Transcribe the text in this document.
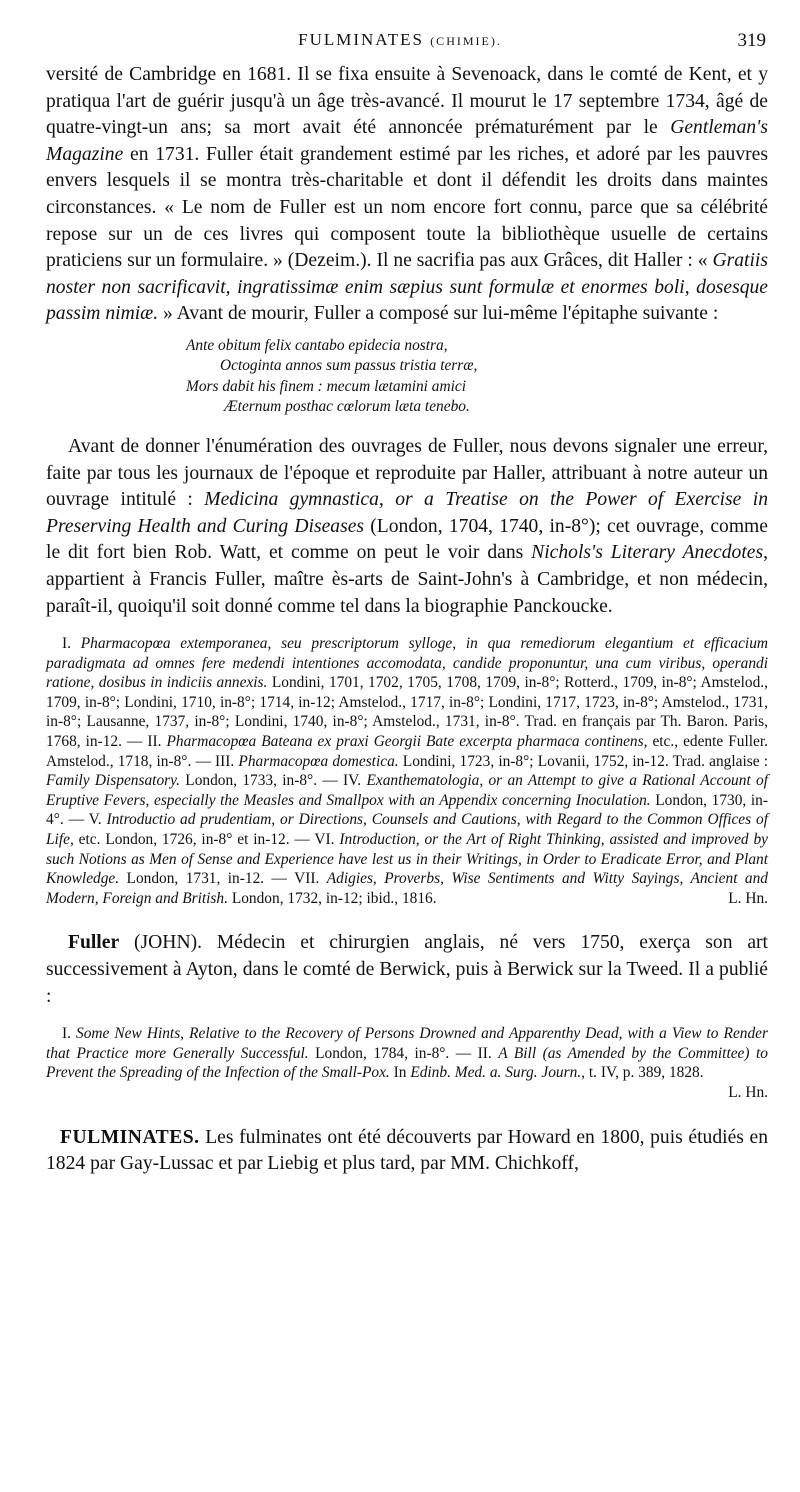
FULMINATES (CHIMIE).	319

versité de Cambridge en 1681. Il se fixa ensuite à Sevenoack, dans le comté de Kent, et y pratiqua l'art de guérir jusqu'à un âge très-avancé. Il mourut le 17 septembre 1734, âgé de quatre-vingt-un ans; sa mort avait été annoncée prématurément par le Gentleman's Magazine en 1731. Fuller était grandement estimé par les riches, et adoré par les pauvres envers lesquels il se montra très-charitable et dont il défendit les droits dans maintes circonstances. « Le nom de Fuller est un nom encore fort connu, parce que sa célébrité repose sur un de ces livres qui composent toute la bibliothèque usuelle de certains praticiens sur un formulaire. » (Dezeim.). Il ne sacrifia pas aux Grâces, dit Haller : « Gratiis noster non sacrificavit, ingratissimæ enim sæpius sunt formulæ et enormes boli, dosesque passim nimiæ. » Avant de mourir, Fuller a composé sur lui-même l'épitaphe suivante :

Ante obitum felix cantabo epidecia nostra,
Octoginta annos sum passus tristia terræ,
Mors dabit his finem : mecum lætamini amici
Æternum posthac cœlorum læta tenebo.

Avant de donner l'énumération des ouvrages de Fuller, nous devons signaler une erreur, faite par tous les journaux de l'époque et reproduite par Haller, attribuant à notre auteur un ouvrage intitulé : Medicina gymnastica, or a Treatise on the Power of Exercise in Preserving Health and Curing Diseases (London, 1704, 1740, in-8°); cet ouvrage, comme le dit fort bien Rob. Watt, et comme on peut le voir dans Nichols's Literary Anecdotes, appartient à Francis Fuller, maître ès-arts de Saint-John's à Cambridge, et non médecin, paraît-il, quoiqu'il soit donné comme tel dans la biographie Panckoucke.

I. Pharmacopœa extemporanea, seu prescriptorum sylloge, in qua remediorum elegantium et efficacium paradigmata ad omnes fere medendi intentiones accomodata, candide proponuntur, una cum viribus, operandi ratione, dosibus in indiciis annexis. Londini, 1701, 1702, 1705, 1708, 1709, in-8°; Rotterd., 1709, in-8°; Amstelod., 1709, in-8°; Londini, 1710, in-8°; 1714, in-12; Amstelod., 1717, in-8°; Londini, 1717, 1723, in-8°; Amstelod., 1731, in-8°; Lausanne, 1737, in-8°; Londini, 1740, in-8°; Amstelod., 1731, in-8°. Trad. en français par Th. Baron. Paris, 1768, in-12. — II. Pharmacopœa Bateana ex praxi Georgii Bate excerpta pharmaca continens, etc., edente Fuller. Amstelod., 1718, in-8°. — III. Pharmacopœa domestica. Londini, 1723, in-8°; Lovanii, 1752, in-12. Trad. anglaise : Family Dispensatory. London, 1733, in-8°. — IV. Exanthematologia, or an Attempt to give a Rational Account of Eruptive Fevers, especially the Measles and Smallpox with an Appendix concerning Inoculation. London, 1730, in-4°. — V. Introductio ad prudentiam, or Directions, Counsels and Cautions, with Regard to the Common Offices of Life, etc. London, 1726, in-8° et in-12. — VI. Introduction, or the Art of Right Thinking, assisted and improved by such Notions as Men of Sense and Experience have lest us in their Writings, in Order to Eradicate Error, and Plant Knowledge. London, 1731, in-12. — VII. Adigies, Proverbs, Wise Sentiments and Witty Sayings, Ancient and Modern, Foreign and British. London, 1732, in-12; ibid., 1816.	L. Hn.

Fuller (JOHN). Médecin et chirurgien anglais, né vers 1750, exerça son art successivement à Ayton, dans le comté de Berwick, puis à Berwick sur la Tweed. Il a publié :

I. Some New Hints, Relative to the Recovery of Persons Drowned and Apparenthy Dead, with a View to Render that Practice more Generally Successful. London, 1784, in-8°. — II. A Bill (as Amended by the Committee) to Prevent the Spreading of the Infection of the Small-Pox. In Edinb. Med. a. Surg. Journ., t. IV, p. 389, 1828.
L. Hn.

FULMINATES. Les fulminates ont été découverts par Howard en 1800, puis étudiés en 1824 par Gay-Lussac et par Liebig et plus tard, par MM. Chichkoff,
